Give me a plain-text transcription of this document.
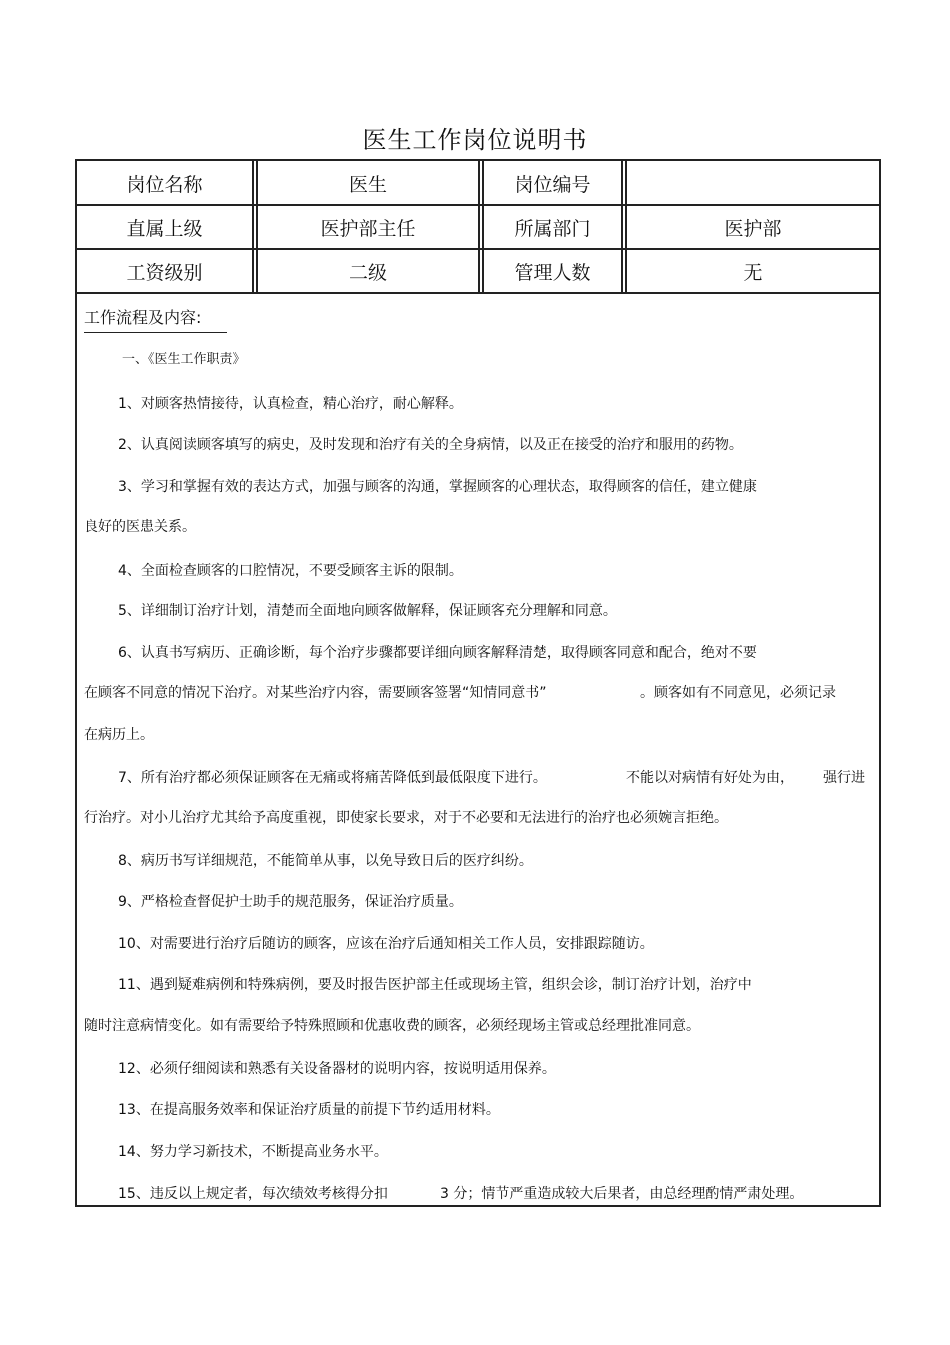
医生工作岗位说明书
岗位名称	医生	岗位编号
直属上级	医护部主任	所属部门	医护部
工资级别	二级	管理人数	无
工作流程及内容:
一、《医生工作职责》
1、对顾客热情接待，认真检查，精心治疗，耐心解释。
2、认真阅读顾客填写的病史，及时发现和治疗有关的全身病情，以及正在接受的治疗和服用的药物。
3、学习和掌握有效的表达方式，加强与顾客的沟通，掌握顾客的心理状态，取得顾客的信任，建立健康
良好的医患关系。
4、全面检查顾客的口腔情况，不要受顾客主诉的限制。
5、详细制订治疗计划，清楚而全面地向顾客做解释，保证顾客充分理解和同意。
6、认真书写病历、正确诊断，每个治疗步骤都要详细向顾客解释清楚，取得顾客同意和配合，绝对不要
在顾客不同意的情况下治疗。对某些治疗内容，需要顾客签署“知情同意书”	。顾客如有不同意见，必须记录
在病历上。
7、所有治疗都必须保证顾客在无痛或将痛苦降低到最低限度下进行。	不能以对病情有好处为由， 强行进
行治疗。对小儿治疗尤其给予高度重视，即使家长要求，对于不必要和无法进行的治疗也必须婉言拒绝。
8、病历书写详细规范，不能简单从事，以免导致日后的医疗纠纷。
9、严格检查督促护士助手的规范服务，保证治疗质量。
10、对需要进行治疗后随访的顾客，应该在治疗后通知相关工作人员，安排跟踪随访。
11、遇到疑难病例和特殊病例，要及时报告医护部主任或现场主管，组织会诊，制订治疗计划，治疗中
随时注意病情变化。如有需要给予特殊照顾和优惠收费的顾客，必须经现场主管或总经理批准同意。
12、必须仔细阅读和熟悉有关设备器材的说明内容，按说明适用保养。
13、在提高服务效率和保证治疗质量的前提下节约适用材料。
14、努力学习新技术，不断提高业务水平。
15、违反以上规定者，每次绩效考核得分扣	3 分；情节严重造成较大后果者，由总经理酌情严肃处理。
